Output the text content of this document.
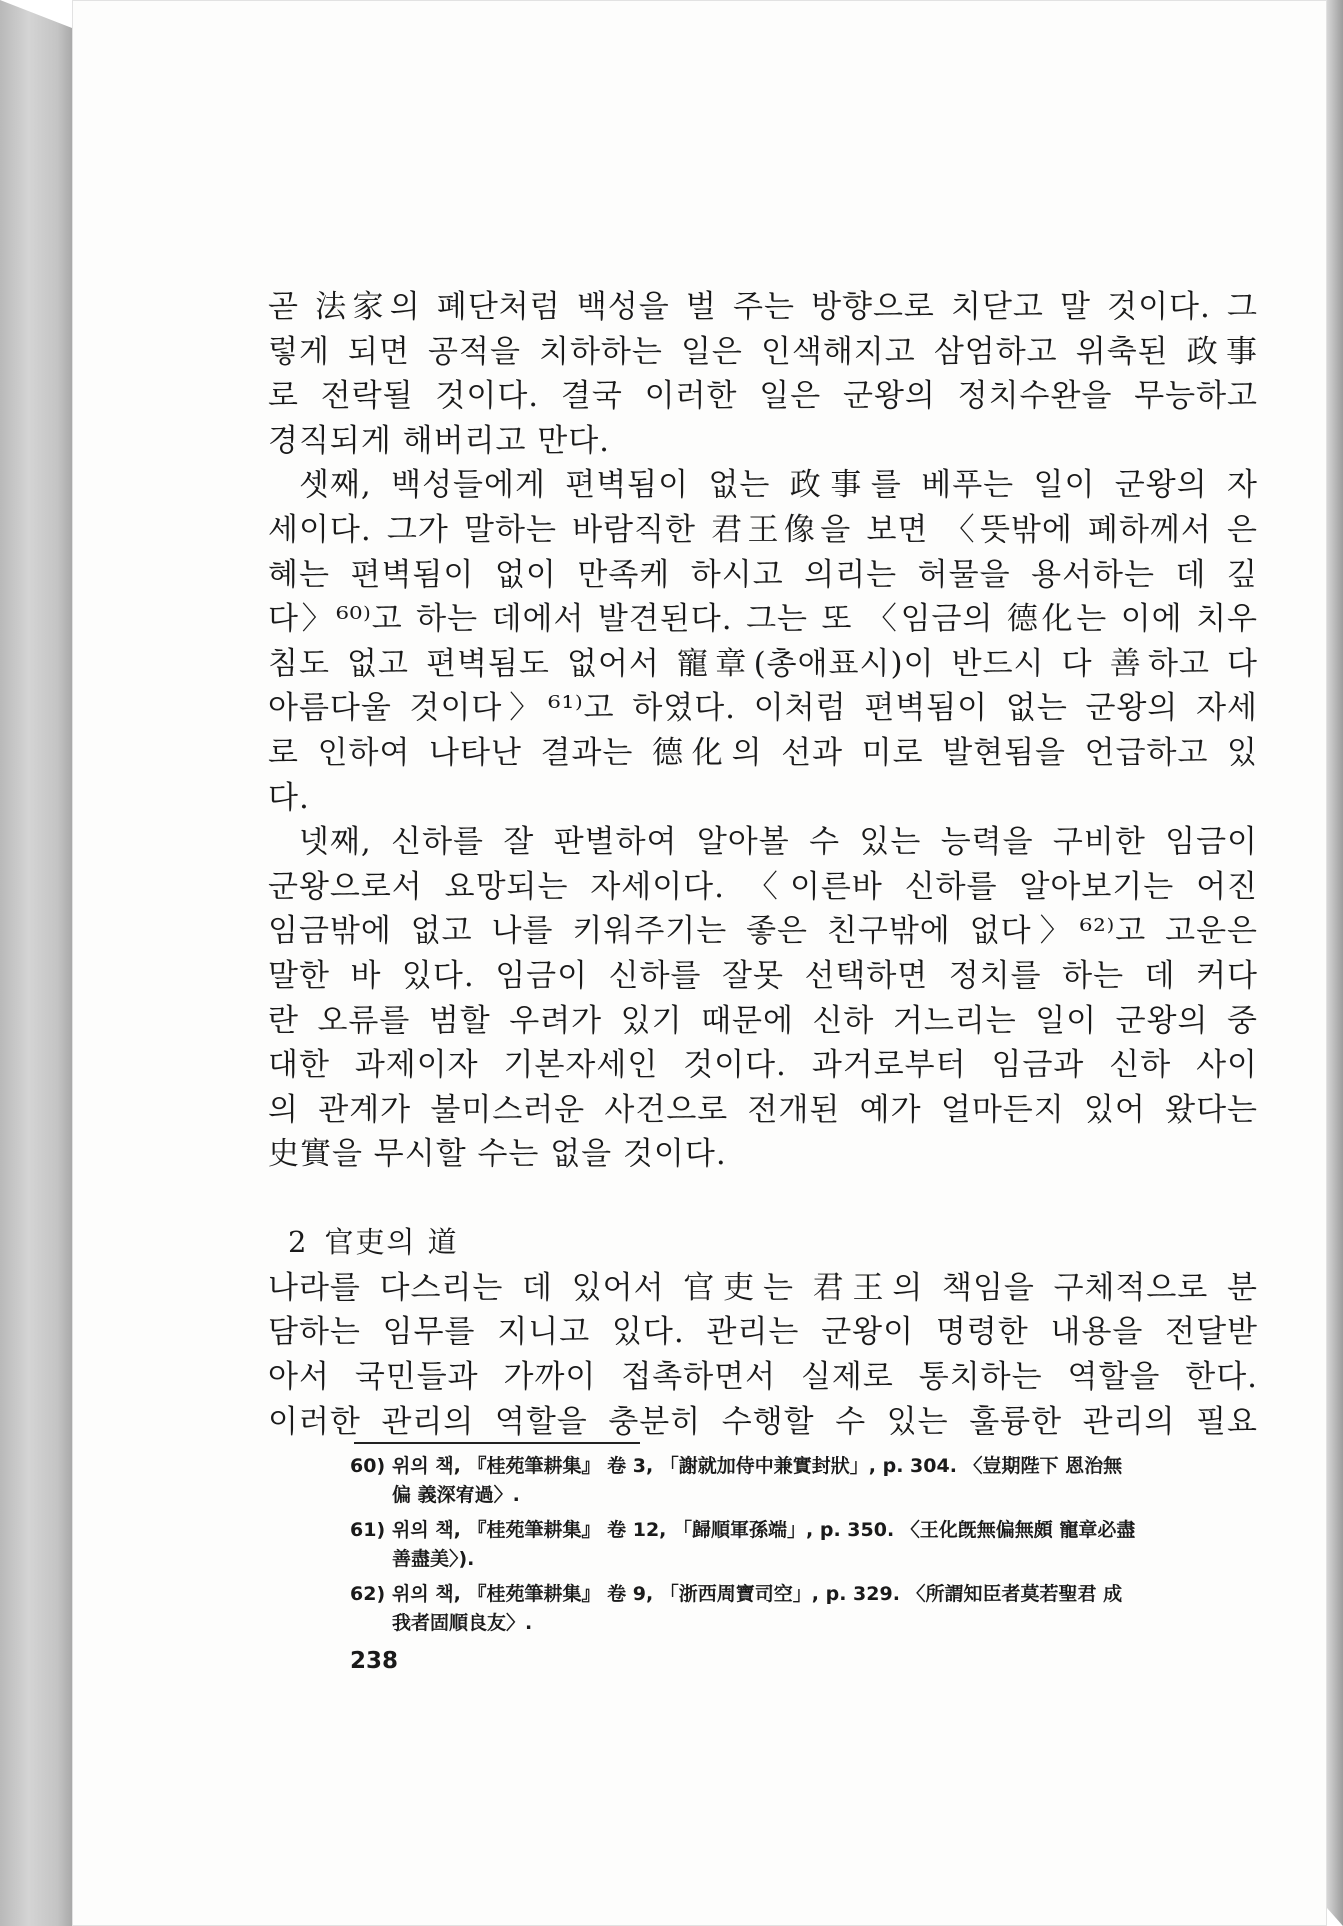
곧 法家의 폐단처럼 백성을 벌 주는 방향으로 치닫고 말 것이다. 그
렇게 되면 공적을 치하하는 일은 인색해지고 삼엄하고 위축된 政事
로 전락될 것이다. 결국 이러한 일은 군왕의 정치수완을 무능하고
경직되게 해버리고 만다.
셋째, 백성들에게 편벽됨이 없는 政事를 베푸는 일이 군왕의 자
세이다. 그가 말하는 바람직한 君王像을 보면 〈뜻밖에 폐하께서 은
혜는 편벽됨이 없이 만족케 하시고 의리는 허물을 용서하는 데 깊
다〉⁶⁰⁾고 하는 데에서 발견된다. 그는 또 〈임금의 德化는 이에 치우
침도 없고 편벽됨도 없어서 寵章(총애표시)이 반드시 다 善하고 다
아름다울 것이다〉⁶¹⁾고 하였다. 이처럼 편벽됨이 없는 군왕의 자세
로 인하여 나타난 결과는 德化의 선과 미로 발현됨을 언급하고 있
다.
넷째, 신하를 잘 판별하여 알아볼 수 있는 능력을 구비한 임금이
군왕으로서 요망되는 자세이다. 〈이른바 신하를 알아보기는 어진
임금밖에 없고 나를 키워주기는 좋은 친구밖에 없다〉⁶²⁾고 고운은
말한 바 있다. 임금이 신하를 잘못 선택하면 정치를 하는 데 커다
란 오류를 범할 우려가 있기 때문에 신하 거느리는 일이 군왕의 중
대한 과제이자 기본자세인 것이다. 과거로부터 임금과 신하 사이
의 관계가 불미스러운 사건으로 전개된 예가 얼마든지 있어 왔다는
史實을 무시할 수는 없을 것이다.
2 官吏의 道
나라를 다스리는 데 있어서 官吏는 君王의 책임을 구체적으로 분
담하는 임무를 지니고 있다. 관리는 군왕이 명령한 내용을 전달받
아서 국민들과 가까이 접촉하면서 실제로 통치하는 역할을 한다.
이러한 관리의 역할을 충분히 수행할 수 있는 훌륭한 관리의 필요
60) 위의 책, 『桂苑筆耕集』 卷 3, 「謝就加侍中兼實封狀」, p. 304. 〈豈期陛下 恩治無
偏 義深宥過〉.
61) 위의 책, 『桂苑筆耕集』 卷 12, 「歸順軍孫端」, p. 350. 〈王化旣無偏無頗 寵章必盡
善盡美〉).
62) 위의 책, 『桂苑筆耕集』 卷 9, 「浙西周寶司空」, p. 329. 〈所謂知臣者莫若聖君 成
我者固順良友〉.
238
